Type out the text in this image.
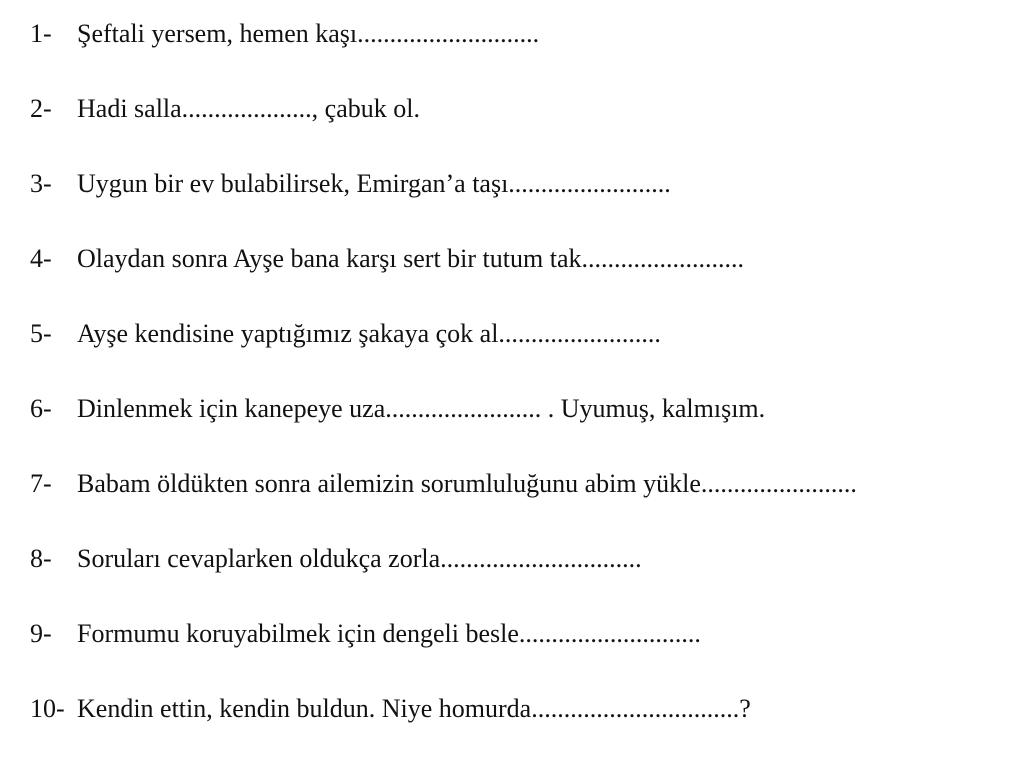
1- Şeftali yersem, hemen kaşı............................
2- Hadi salla...................., çabuk ol.
3- Uygun bir ev bulabilirsek, Emirgan’a taşı.........................
4- Olaydan sonra Ayşe bana karşı sert bir tutum tak.........................
5- Ayşe kendisine yaptığımız şakaya çok al.........................
6- Dinlenmek için kanepeye uza........................ . Uyumuş, kalmışım.
7- Babam öldükten sonra ailemizin sorumluluğunu abim yükle........................
8- Soruları cevaplarken oldukça zorla...............................
9- Formumu koruyabilmek için dengeli besle............................
10- Kendin ettin, kendin buldun. Niye homurda................................?
